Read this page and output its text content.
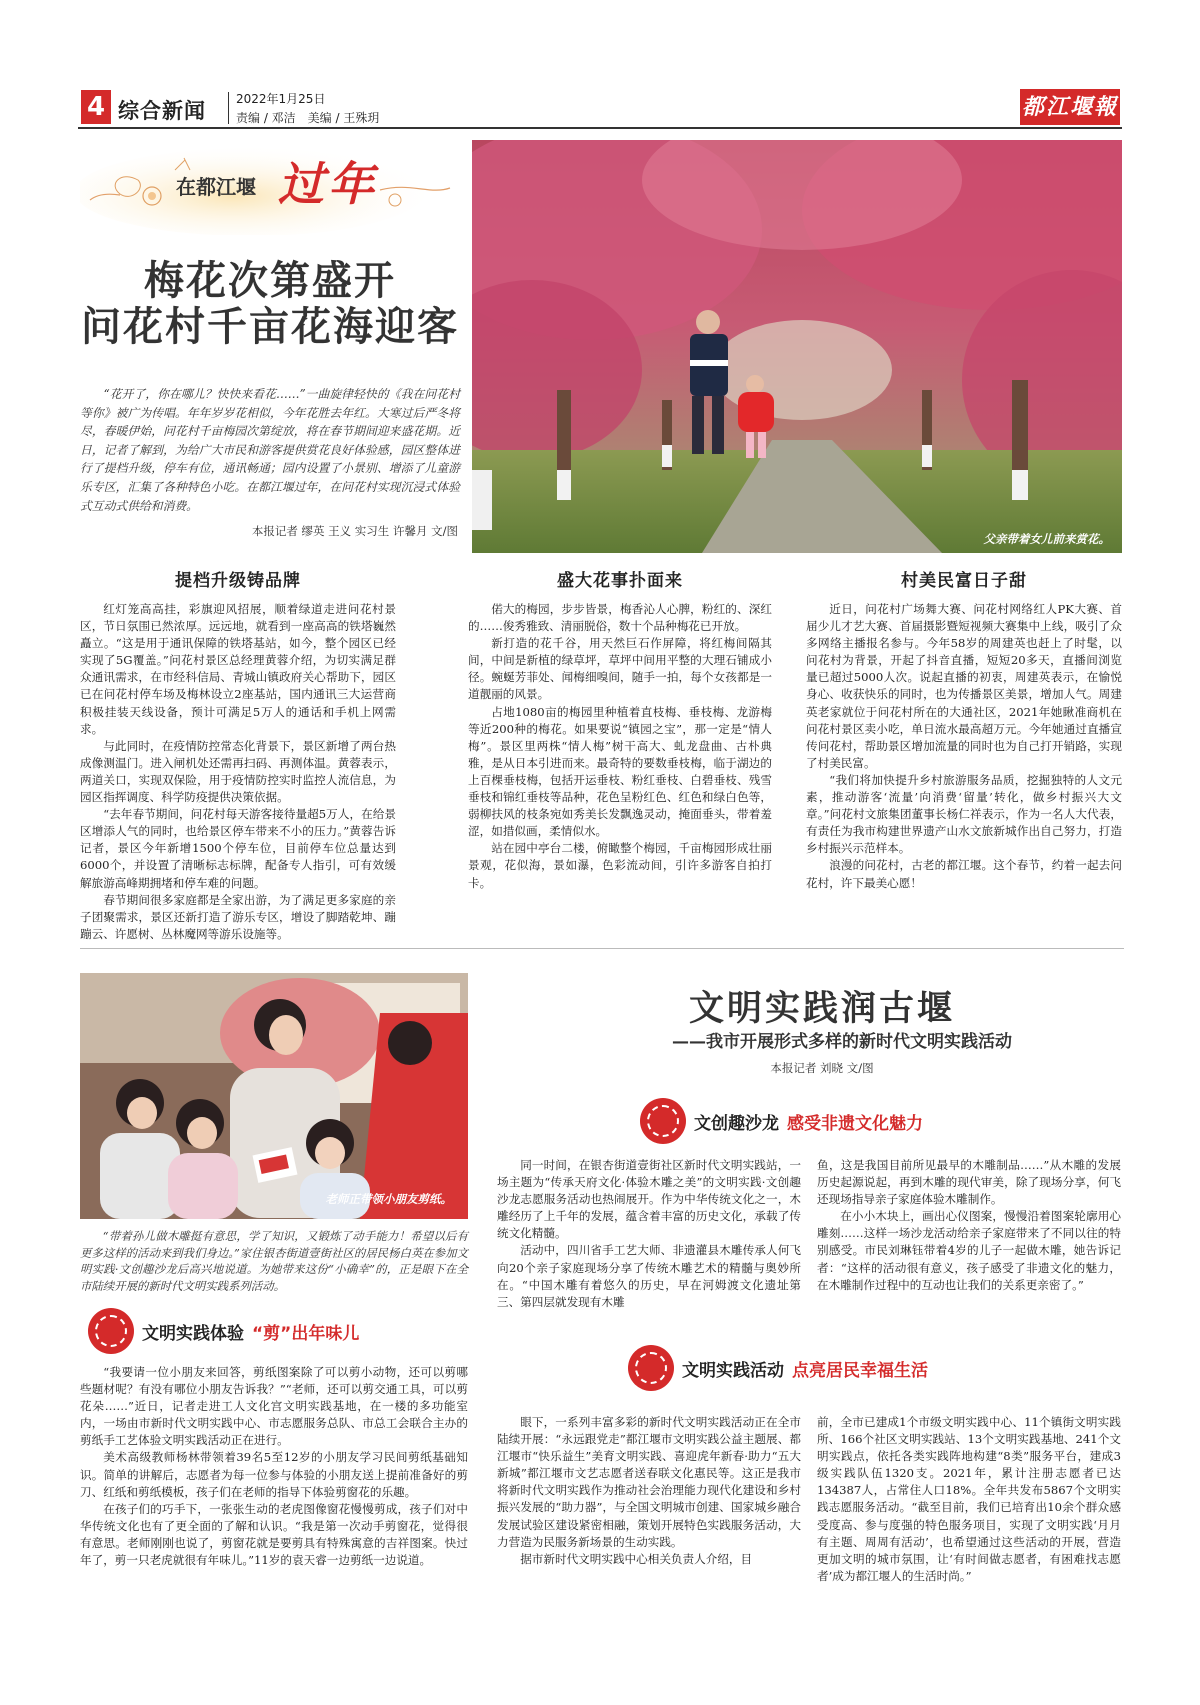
4 综合新闻	2022年1月25日
责编 / 邓洁　美编 / 王殊玥	都江堰報
在都江堰 过年
梅花次第盛开
问花村千亩花海迎客

“花开了，你在哪儿？快快来看花……”一曲旋律轻快的《我在问花村等你》被广为传唱。年年岁岁花相似，今年花胜去年红。大寒过后严冬将尽，春暖伊始，问花村千亩梅园次第绽放，将在春节期间迎来盛花期。近日，记者了解到，为给广大市民和游客提供赏花良好体验感，园区整体进行了提档升级，停车有位，通讯畅通；园内设置了小景别、增添了儿童游乐专区，汇集了各种特色小吃。在都江堰过年，在问花村实现沉浸式体验式互动式供给和消费。

本报记者 缪英 王义 实习生 许馨月 文/图
父亲带着女儿前来赏花。
提档升级铸品牌

红灯笼高高挂，彩旗迎风招展，顺着绿道走进问花村景区，节日氛围已然浓厚。远远地，就看到一座高高的铁塔巍然矗立。“这是用于通讯保障的铁塔基站，如今，整个园区已经实现了5G覆盖。”问花村景区总经理黄蓉介绍，为切实满足群众通讯需求，在市经科信局、青城山镇政府关心帮助下，园区已在问花村停车场及梅林设立2座基站，国内通讯三大运营商积极挂装天线设备，预计可满足5万人的通话和手机上网需求。

与此同时，在疫情防控常态化背景下，景区新增了两台热成像测温门。进入闸机处还需再扫码、再测体温。黄蓉表示，两道关口，实现双保险，用于疫情防控实时监控人流信息，为园区指挥调度、科学防疫提供决策依据。

“去年春节期间，问花村每天游客接待量超5万人，在给景区增添人气的同时，也给景区停车带来不小的压力。”黄蓉告诉记者，景区今年新增1500个停车位，目前停车位总量达到6000个，并设置了清晰标志标牌，配备专人指引，可有效缓解旅游高峰期拥堵和停车难的问题。

春节期间很多家庭都是全家出游，为了满足更多家庭的亲子团聚需求，景区还新打造了游乐专区，增设了脚踏乾坤、蹦蹦云、许愿树、丛林魔网等游乐设施等。

盛大花事扑面来

偌大的梅园，步步皆景，梅香沁人心脾，粉红的、深红的……俊秀雅致、清丽脱俗，数十个品种梅花已开放。

新打造的花千谷，用天然巨石作屏障，将红梅间隔其间，中间是新植的绿草坪，草坪中间用平整的大理石铺成小径。蜿蜒芳菲处、闻梅细嗅间，随手一拍，每个女孩都是一道靓丽的风景。

占地1080亩的梅园里种植着直枝梅、垂枝梅、龙游梅等近200种的梅花。如果要说“镇园之宝”，那一定是“情人梅”。景区里两株“情人梅”树干高大、虬龙盘曲、古朴典雅，是从日本引进而来。最奇特的要数垂枝梅，临于湖边的上百棵垂枝梅，包括开运垂枝、粉红垂枝、白碧垂枝、残雪垂枝和锦红垂枝等品种，花色呈粉红色、红色和绿白色等，弱柳扶风的枝条宛如秀美长发飘逸灵动，掩面垂头，带着羞涩，如措似画，柔情似水。

站在园中亭台二楼，俯瞰整个梅园，千亩梅园形成壮丽景观，花似海，景如瀑，色彩流动间，引许多游客自拍打卡。

村美民富日子甜

近日，问花村广场舞大赛、问花村网络红人PK大赛、首届少儿才艺大赛、首届摄影暨短视频大赛集中上线，吸引了众多网络主播报名参与。今年58岁的周建英也赶上了时髦，以问花村为背景，开起了抖音直播，短短20多天，直播间浏览量已超过5000人次。说起直播的初衷，周建英表示，在愉悦身心、收获快乐的同时，也为传播景区美景，增加人气。周建英老家就位于问花村所在的大通社区，2021年她瞅准商机在问花村景区卖小吃，单日流水最高超万元。今年她通过直播宣传问花村，帮助景区增加流量的同时也为自己打开销路，实现了村美民富。

“我们将加快提升乡村旅游服务品质，挖掘独特的人文元素，推动游客‘流量’向消费‘留量’转化，做乡村振兴大文章。”问花村文旅集团董事长杨仁祥表示，作为一名人大代表，有责任为我市构建世界遗产山水文旅新城作出自己努力，打造乡村振兴示范样本。

浪漫的问花村，古老的都江堰。这个春节，约着一起去问花村，许下最美心愿！

老师正带领小朋友剪纸。

“带着孙儿做木雕挺有意思，学了知识，又锻炼了动手能力！希望以后有更多这样的活动来到我们身边。”家住银杏街道壹街社区的居民杨白英在参加文明实践·文创趣沙龙后高兴地说道。为她带来这份“小确幸”的，正是眼下在全市陆续开展的新时代文明实践系列活动。

文明实践润古堰
——我市开展形式多样的新时代文明实践活动
本报记者 刘晓 文/图
文创趣沙龙 感受非遗文化魅力

同一时间，在银杏街道壹街社区新时代文明实践站，一场主题为“传承天府文化·体验木雕之美”的文明实践·文创趣沙龙志愿服务活动也热闹展开。作为中华传统文化之一，木雕经历了上千年的发展，蕴含着丰富的历史文化，承载了传统文化精髓。

活动中，四川省手工艺大师、非遗灌县木雕传承人何飞向20个亲子家庭现场分享了传统木雕艺术的精髓与奥妙所在。“中国木雕有着悠久的历史，早在河姆渡文化遗址第三、第四层就发现有木雕

鱼，这是我国目前所见最早的木雕制品……”从木雕的发展历史起源说起，再到木雕的现代审美，除了现场分享，何飞还现场指导亲子家庭体验木雕制作。

在小小木块上，画出心仪图案，慢慢沿着图案轮廓用心雕刻……这样一场沙龙活动给亲子家庭带来了不同以往的特别感受。市民刘琳钰带着4岁的儿子一起做木雕，她告诉记者：“这样的活动很有意义，孩子感受了非遗文化的魅力，在木雕制作过程中的互动也让我们的关系更亲密了。”

文明实践体验 “剪”出年味儿

“我要请一位小朋友来回答，剪纸图案除了可以剪小动物，还可以剪哪些题材呢？有没有哪位小朋友告诉我？”“老师，还可以剪交通工具，可以剪花朵……”近日，记者走进工人文化宫文明实践基地，在一楼的多功能室内，一场由市新时代文明实践中心、市志愿服务总队、市总工会联合主办的剪纸手工艺体验文明实践活动正在进行。

美术高级教师杨林带领着39名5至12岁的小朋友学习民间剪纸基础知识。简单的讲解后，志愿者为每一位参与体验的小朋友送上提前准备好的剪刀、红纸和剪纸模板，孩子们在老师的指导下体验剪窗花的乐趣。

在孩子们的巧手下，一张张生动的老虎图像窗花慢慢剪成，孩子们对中华传统文化也有了更全面的了解和认识。“我是第一次动手剪窗花，觉得很有意思。老师刚刚也说了，剪窗花就是要剪具有特殊寓意的吉祥图案。快过年了，剪一只老虎就很有年味儿。”11岁的袁天睿一边剪纸一边说道。

文明实践活动 点亮居民幸福生活

眼下，一系列丰富多彩的新时代文明实践活动正在全市陆续开展：“永远跟党走”都江堰市文明实践公益主题展、都江堰市“快乐益生”美育文明实践、喜迎虎年新春·助力“五大新城”都江堰市文艺志愿者送春联文化惠民等。这正是我市将新时代文明实践作为推动社会治理能力现代化建设和乡村振兴发展的“助力器”，与全国文明城市创建、国家城乡融合发展试验区建设紧密相融，策划开展特色实践服务活动，大力营造为民服务新场景的生动实践。

据市新时代文明实践中心相关负责人介绍，目

前，全市已建成1个市级文明实践中心、11个镇街文明实践所、166个社区文明实践站、13个文明实践基地、241个文明实践点，依托各类实践阵地构建“8类”服务平台，建成3级实践队伍1320支。2021年，累计注册志愿者已达134387人，占常住人口18%。全年共发布5867个文明实践志愿服务活动。“截至目前，我们已培育出10余个群众感受度高、参与度强的特色服务项目，实现了文明实践‘月月有主题、周周有活动’，也希望通过这些活动的开展，营造更加文明的城市氛围，让‘有时间做志愿者，有困难找志愿者’成为都江堰人的生活时尚。”
